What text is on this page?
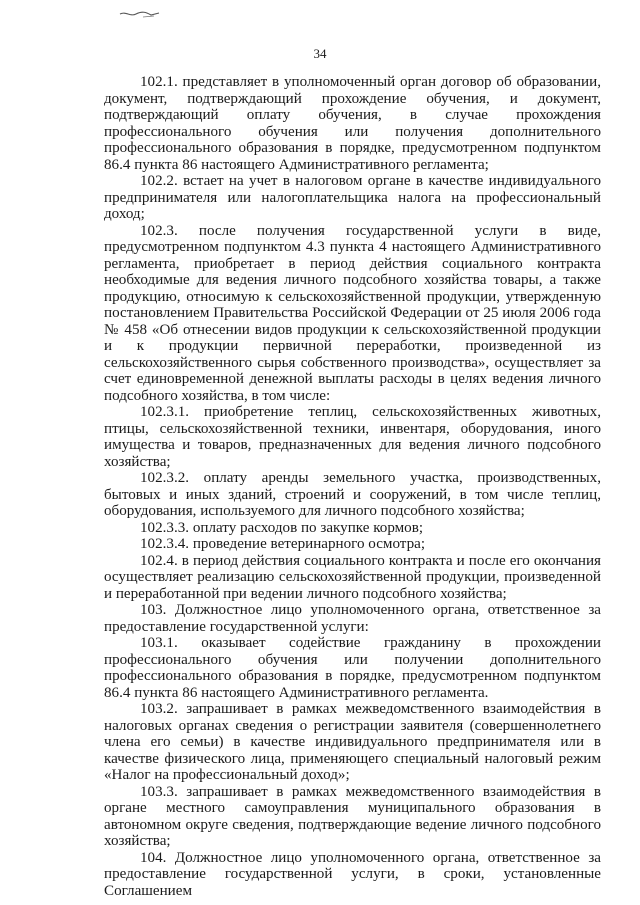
34

102.1. представляет в уполномоченный орган договор об образовании, документ, подтверждающий прохождение обучения, и документ, подтверждающий оплату обучения, в случае прохождения профессионального обучения или получения дополнительного профессионального образования в порядке, предусмотренном подпунктом 86.4 пункта 86 настоящего Административного регламента;

102.2. встает на учет в налоговом органе в качестве индивидуального предпринимателя или налогоплательщика налога на профессиональный доход;

102.3. после получения государственной услуги в виде, предусмотренном подпунктом 4.3 пункта 4 настоящего Административного регламента, приобретает в период действия социального контракта необходимые для ведения личного подсобного хозяйства товары, а также продукцию, относимую к сельскохозяйственной продукции, утвержденную постановлением Правительства Российской Федерации от 25 июля 2006 года № 458 «Об отнесении видов продукции к сельскохозяйственной продукции и к продукции первичной переработки, произведенной из сельскохозяйственного сырья собственного производства», осуществляет за счет единовременной денежной выплаты расходы в целях ведения личного подсобного хозяйства, в том числе:

102.3.1. приобретение теплиц, сельскохозяйственных животных, птицы, сельскохозяйственной техники, инвентаря, оборудования, иного имущества и товаров, предназначенных для ведения личного подсобного хозяйства;

102.3.2. оплату аренды земельного участка, производственных, бытовых и иных зданий, строений и сооружений, в том числе теплиц, оборудования, используемого для личного подсобного хозяйства;

102.3.3. оплату расходов по закупке кормов;

102.3.4. проведение ветеринарного осмотра;

102.4. в период действия социального контракта и после его окончания осуществляет реализацию сельскохозяйственной продукции, произведенной и переработанной при ведении личного подсобного хозяйства;

103. Должностное лицо уполномоченного органа, ответственное за предоставление государственной услуги:

103.1. оказывает содействие гражданину в прохождении профессионального обучения или получении дополнительного профессионального образования в порядке, предусмотренном подпунктом 86.4 пункта 86 настоящего Административного регламента.

103.2. запрашивает в рамках межведомственного взаимодействия в налоговых органах сведения о регистрации заявителя (совершеннолетнего члена его семьи) в качестве индивидуального предпринимателя или в качестве физического лица, применяющего специальный налоговый режим «Налог на профессиональный доход»;

103.3. запрашивает в рамках межведомственного взаимодействия в органе местного самоуправления муниципального образования в автономном округе сведения, подтверждающие ведение личного подсобного хозяйства;

104. Должностное лицо уполномоченного органа, ответственное за предоставление государственной услуги, в сроки, установленные Соглашением
